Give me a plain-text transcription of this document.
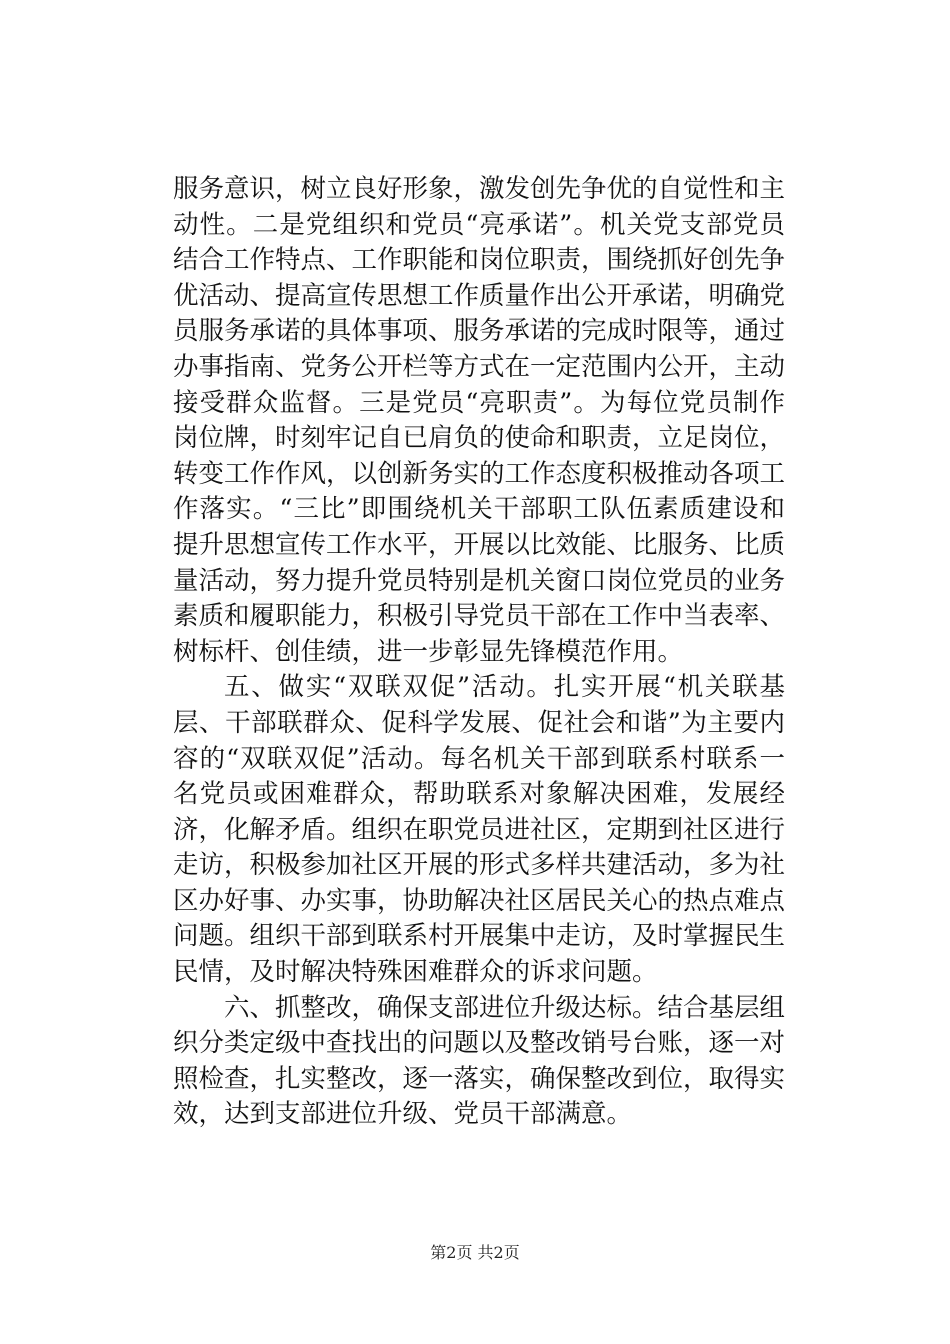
服务意识，树立良好形象，激发创先争优的自觉性和主动性。二是党组织和党员“亮承诺”。机关党支部党员结合工作特点、工作职能和岗位职责，围绕抓好创先争优活动、提高宣传思想工作质量作出公开承诺，明确党员服务承诺的具体事项、服务承诺的完成时限等，通过办事指南、党务公开栏等方式在一定范围内公开，主动接受群众监督。三是党员“亮职责”。为每位党员制作岗位牌，时刻牢记自已肩负的使命和职责，立足岗位，转变工作作风，以创新务实的工作态度积极推动各项工作落实。“三比”即围绕机关干部职工队伍素质建设和提升思想宣传工作水平，开展以比效能、比服务、比质量活动，努力提升党员特别是机关窗口岗位党员的业务素质和履职能力，积极引导党员干部在工作中当表率、树标杆、创佳绩，进一步彰显先锋模范作用。

五、做实“双联双促”活动。扎实开展“机关联基层、干部联群众、促科学发展、促社会和谐”为主要内容的“双联双促”活动。每名机关干部到联系村联系一名党员或困难群众，帮助联系对象解决困难，发展经济，化解矛盾。组织在职党员进社区，定期到社区进行走访，积极参加社区开展的形式多样共建活动，多为社区办好事、办实事，协助解决社区居民关心的热点难点问题。组织干部到联系村开展集中走访，及时掌握民生民情，及时解决特殊困难群众的诉求问题。

六、抓整改，确保支部进位升级达标。结合基层组织分类定级中查找出的问题以及整改销号台账，逐一对照检查，扎实整改，逐一落实，确保整改到位，取得实效，达到支部进位升级、党员干部满意。

第2页 共2页
